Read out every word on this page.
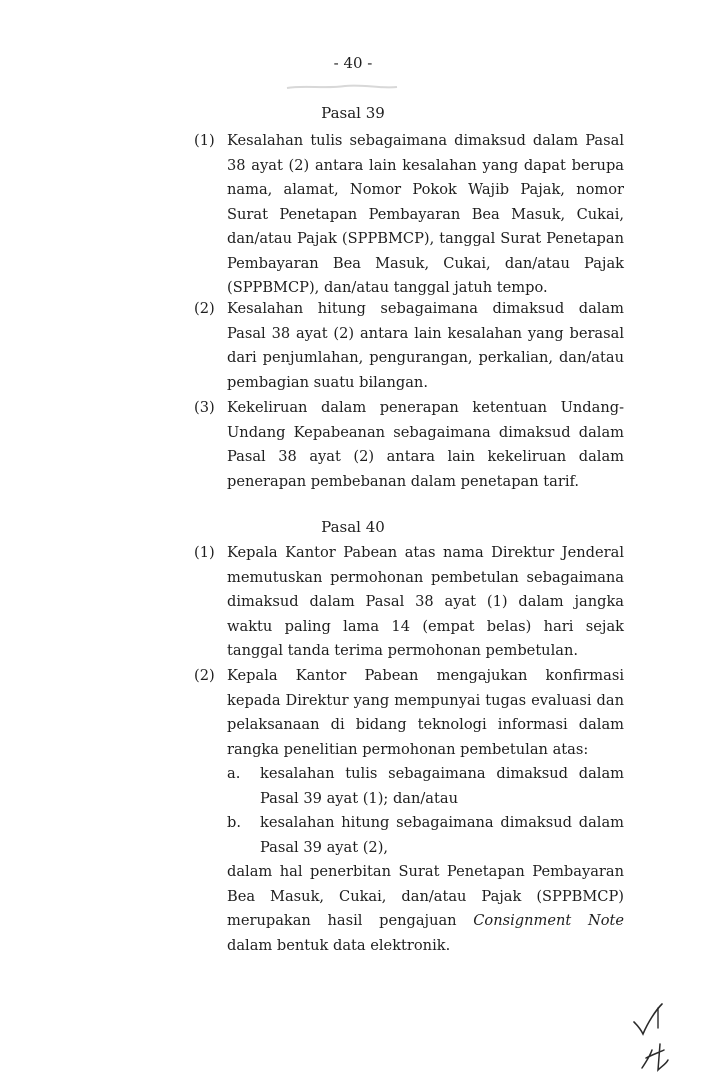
- 40 -
Pasal 39
(1) Kesalahan tulis sebagaimana dimaksud dalam Pasal 38 ayat (2) antara lain kesalahan yang dapat berupa nama, alamat, Nomor Pokok Wajib Pajak, nomor Surat Penetapan Pembayaran Bea Masuk, Cukai, dan/atau Pajak (SPPBMCP), tanggal Surat Penetapan Pembayaran Bea Masuk, Cukai, dan/atau Pajak (SPPBMCP), dan/atau tanggal jatuh tempo.
(2) Kesalahan hitung sebagaimana dimaksud dalam Pasal 38 ayat (2) antara lain kesalahan yang berasal dari penjumlahan, pengurangan, perkalian, dan/atau pembagian suatu bilangan.
(3) Kekeliruan dalam penerapan ketentuan Undang-Undang Kepabeanan sebagaimana dimaksud dalam Pasal 38 ayat (2) antara lain kekeliruan dalam penerapan pembebanan dalam penetapan tarif.
Pasal 40
(1) Kepala Kantor Pabean atas nama Direktur Jenderal memutuskan permohonan pembetulan sebagaimana dimaksud dalam Pasal 38 ayat (1) dalam jangka waktu paling lama 14 (empat belas) hari sejak tanggal tanda terima permohonan pembetulan.
(2) Kepala Kantor Pabean mengajukan konfirmasi kepada Direktur yang mempunyai tugas evaluasi dan pelaksanaan di bidang teknologi informasi dalam rangka penelitian permohonan pembetulan atas:
a. kesalahan tulis sebagaimana dimaksud dalam Pasal 39 ayat (1); dan/atau
b. kesalahan hitung sebagaimana dimaksud dalam Pasal 39 ayat (2),
dalam hal penerbitan Surat Penetapan Pembayaran Bea Masuk, Cukai, dan/atau Pajak (SPPBMCP) merupakan hasil pengajuan Consignment Note dalam bentuk data elektronik.
